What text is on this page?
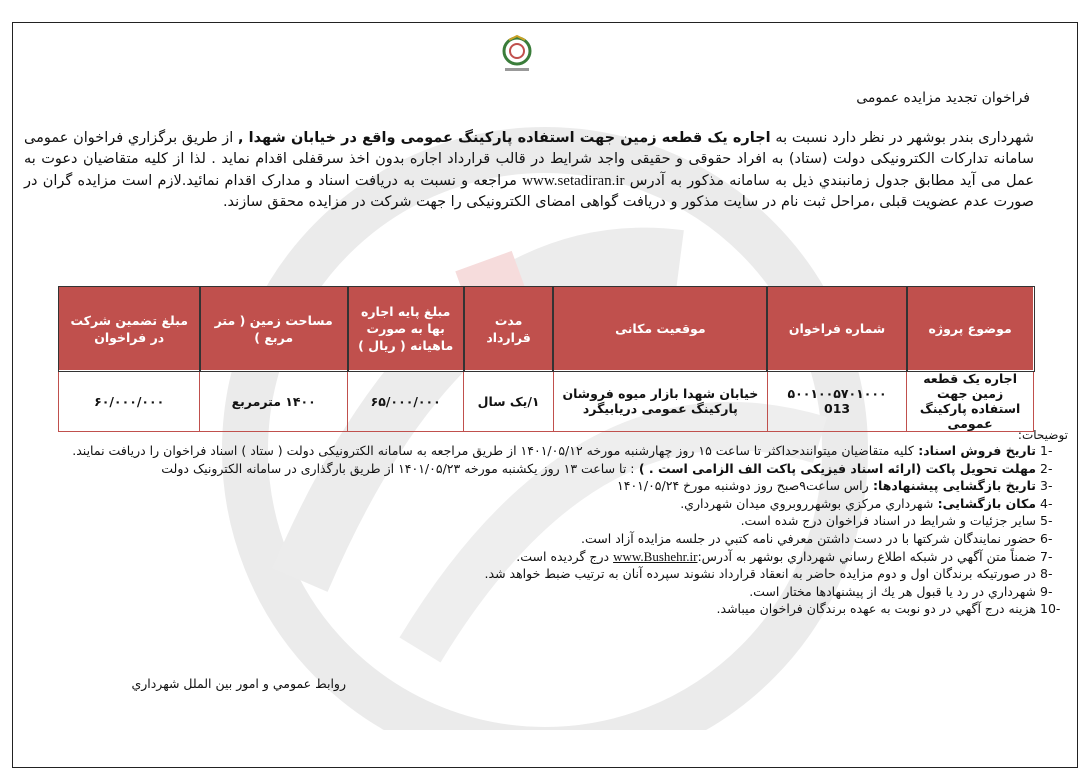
فراخوان تجدید مزایده عمومی
شهرداری بندر بوشهر در نظر دارد نسبت به اجاره یک قطعه زمین جهت استفاده پارکینگ عمومی واقع در خیابان شهدا , از طریق برگزاري فراخوان عمومی سامانه تدارکات الکترونیکی دولت (ستاد) به افراد حقوقی و حقیقی واجد شرایط در قالب قرارداد اجاره بدون اخذ سرقفلی اقدام نماید . لذا از کلیه متقاضیان دعوت به عمل می آید مطابق جدول زمانبندي ذیل به سامانه مذکور به آدرس www.setadiran.ir مراجعه و نسبت به دریافت اسناد و مدارک اقدام نمائید.لازم است مزایده گران در صورت عدم عضویت قبلی ،مراحل ثبت نام در سایت مذکور و دریافت گواهی امضای الکترونیکی را جهت شرکت در مزایده محقق سازند.
موضوع پروژه	شماره فراخوان	موقعیت مکانی	مدت قرارداد	مبلغ پایه اجاره بها به صورت ماهیانه ( ریال )	مساحت زمین ( متر مربع )	مبلغ تضمین شرکت در فراخوان
اجاره یک قطعه زمین جهت استفاده پارکینگ عمومی	۵۰۰۱۰۰۵۷۰۱۰۰۰ 013	خیابان شهدا بازار میوه فروشان پارکینگ عمومی دریابیگرد	۱/یک سال	۶۵/۰۰۰/۰۰۰	۱۴۰۰ مترمربع	۶۰/۰۰۰/۰۰۰
توضیحات:
1-
تاریخ فروش اسناد: کلیه متقاضیان میتوانندحداکثر تا ساعت ۱۵ روز چهارشنبه مورخه ۱۴۰۱/۰۵/۱۲ از طریق مراجعه به سامانه الکترونیکی دولت ( ستاد ) اسناد فراخوان را دریافت نمایند.
2-
مهلت تحویل پاکت (ارائه اسناد فیزیکی پاکت الف الزامی است . ) : تا ساعت ۱۳ روز یکشنبه مورخه ۱۴۰۱/۰۵/۲۳ از طریق بارگذاری در سامانه الکترونیک دولت
3-
تاریخ بازگشایی پیشنهادها: راس ساعت۹صبح روز دوشنبه مورخ ۱۴۰۱/۰۵/۲۴
4-
مکان بازگشایی: شهرداري مرکزي بوشهرروبروي میدان شهرداري.
5-
سایر جزئیات و شرایط در اسناد فراخوان درج شده است.
6-
حضور نمایندگان شرکتها با در دست داشتن معرفي نامه کتبي در جلسه مزایده آزاد است.
7-
ضمناً متن آگهي در شبکه اطلاع رساني شهرداري بوشهر به آدرس:www.Bushehr.ir درج گردیده است.
8-
در صورتیکه برندگان اول و دوم مزایده حاضر به انعقاد قرارداد نشوند سپرده آنان به ترتیب ضبط خواهد شد.
9-
شهرداري در رد یا قبول هر یك از پیشنهادها مختار است.
10-
هزینه درج آگهي در دو نوبت به عهده برندگان فراخوان میباشد.
روابط عمومي و امور بين الملل شهرداري
